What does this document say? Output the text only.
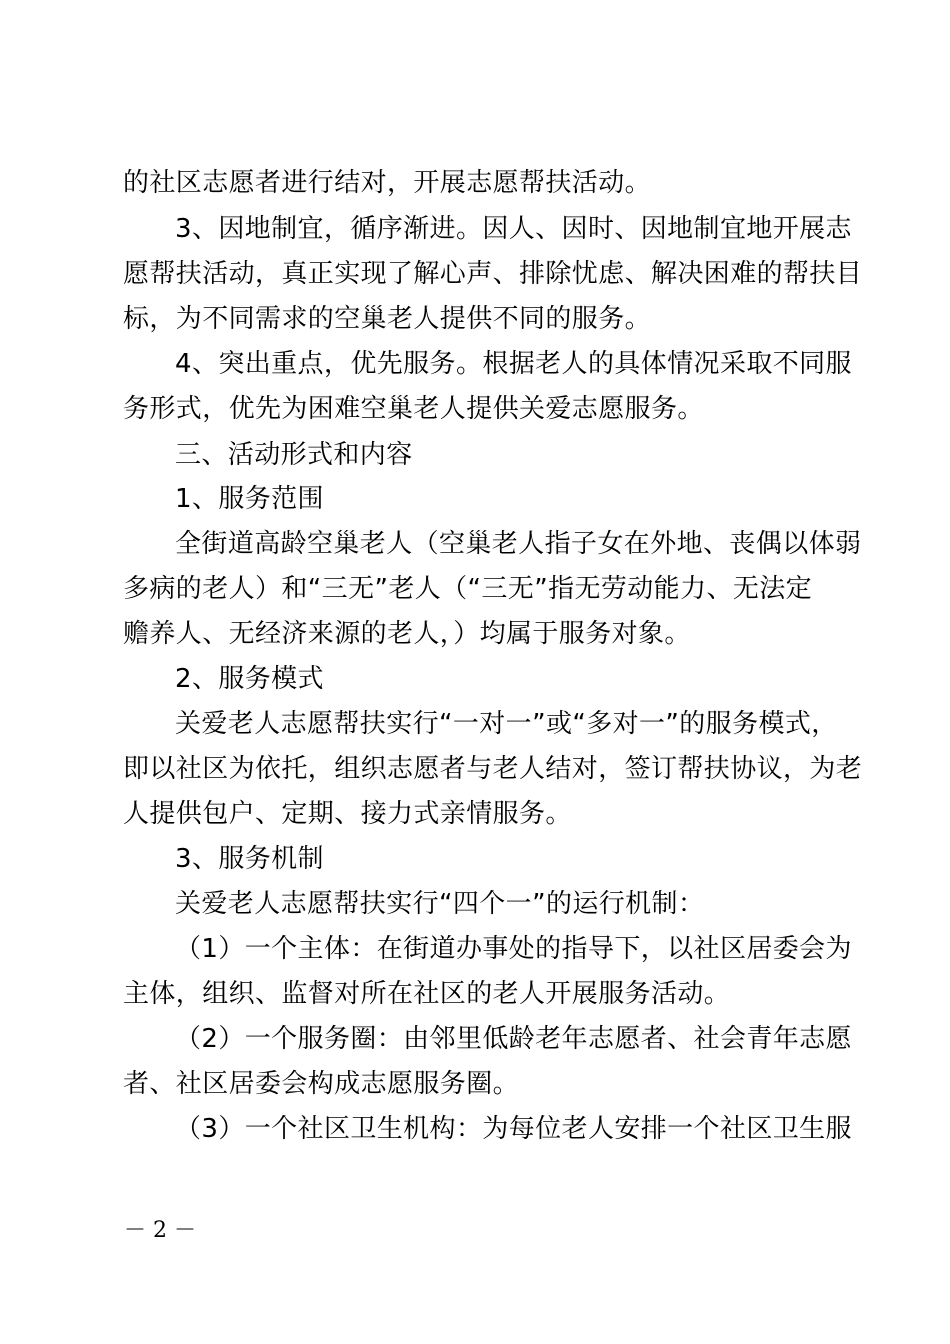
的社区志愿者进行结对，开展志愿帮扶活动。
3、因地制宜，循序渐进。因人、因时、因地制宜地开展志
愿帮扶活动，真正实现了解心声、排除忧虑、解决困难的帮扶目
标，为不同需求的空巢老人提供不同的服务。
4、突出重点，优先服务。根据老人的具体情况采取不同服
务形式，优先为困难空巢老人提供关爱志愿服务。
三、活动形式和内容
1、服务范围
全街道高龄空巢老人（空巢老人指子女在外地、丧偶以体弱
多病的老人）和“三无”老人（“三无”指无劳动能力、无法定
赡养人、无经济来源的老人，）均属于服务对象。
2、服务模式
关爱老人志愿帮扶实行“一对一”或“多对一”的服务模式，
即以社区为依托，组织志愿者与老人结对，签订帮扶协议，为老
人提供包户、定期、接力式亲情服务。
3、服务机制
关爱老人志愿帮扶实行“四个一”的运行机制：
（1）一个主体：在街道办事处的指导下，以社区居委会为
主体，组织、监督对所在社区的老人开展服务活动。
（2）一个服务圈：由邻里低龄老年志愿者、社会青年志愿
者、社区居委会构成志愿服务圈。
（3）一个社区卫生机构：为每位老人安排一个社区卫生服
－ 2 －
